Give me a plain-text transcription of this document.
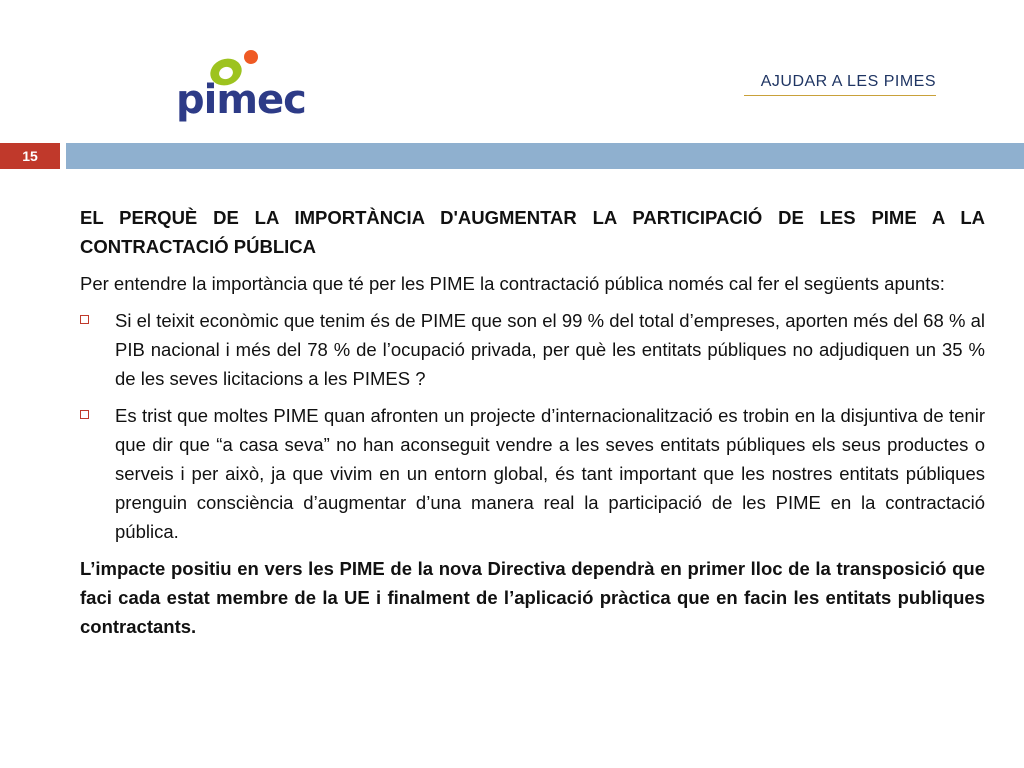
pimec	AJUDAR A LES PIMES
15

EL PERQUÈ DE LA IMPORTÀNCIA D'AUGMENTAR LA PARTICIPACIÓ DE LES PIME A LA CONTRACTACIÓ PÚBLICA

Per entendre la importància que té per les PIME la contractació pública només cal fer el següents apunts:

Si el teixit econòmic que tenim és de PIME que son el 99 % del total d’empreses, aporten més del 68 % al PIB nacional i més del 78 % de l’ocupació privada, per què les entitats públiques no adjudiquen un 35 % de les seves licitacions a les PIMES ?
Es trist que moltes PIME quan afronten un projecte d’internacionalització es trobin en la disjuntiva de tenir que dir que “a casa seva” no han aconseguit vendre a les seves entitats públiques els seus productes o serveis i per això, ja que vivim en un entorn global, és tant important que les nostres entitats públiques prenguin consciència d’augmentar d’una manera real la participació de les PIME en la contractació pública.

L’impacte positiu en vers les PIME de la nova Directiva dependrà en primer lloc de la transposició que faci cada estat membre de la UE i finalment de l’aplicació pràctica que en facin les entitats publiques contractants.
